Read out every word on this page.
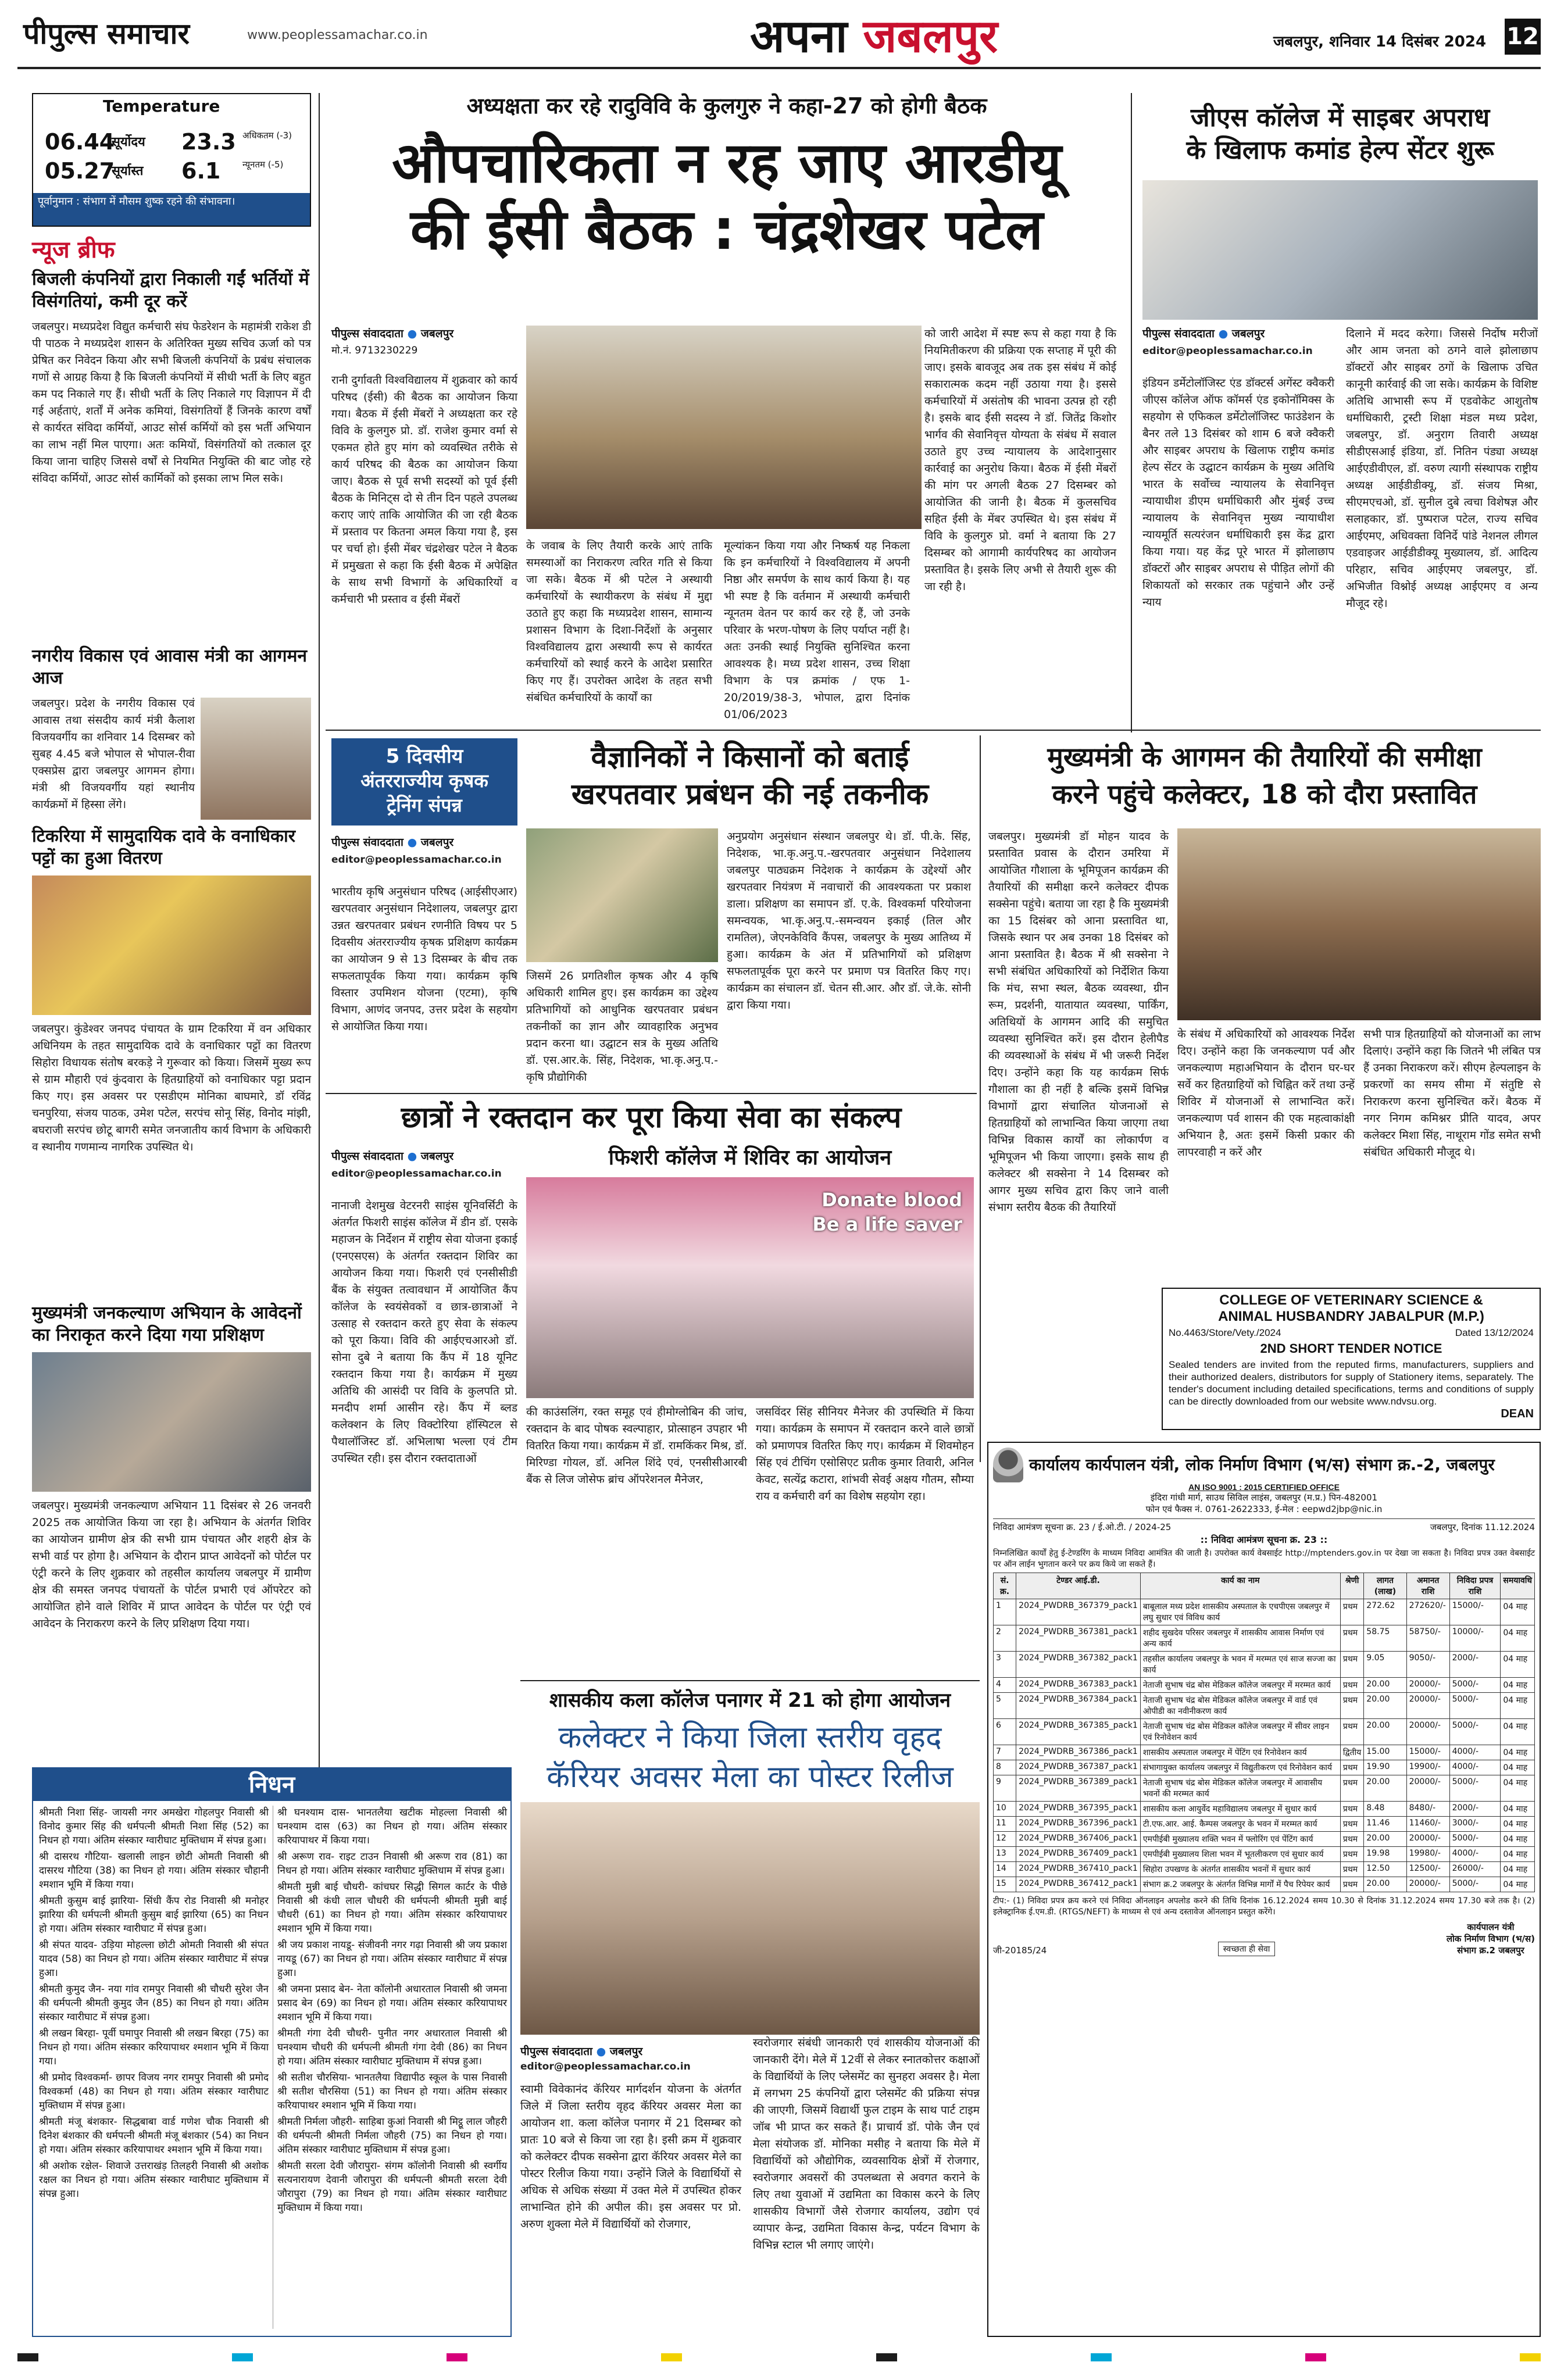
पीपुल्स समाचार	www.peoplessamachar.co.in	अपना जबलपुर	जबलपुर, शनिवार 14 दिसंबर 2024 12
Temperature
06.44
सूर्योदय
05.27
सूर्यास्त
23.3 अधिकतम (-3)
6.1	न्यूनतम (-5)
पूर्वानुमान : संभाग में मौसम शुष्क रहने की संभावना।
न्यूज ब्रीफ
बिजली कंपनियों द्वारा निकाली गईं भर्तियों में विसंगतियां, कमी दूर करें
जबलपुर। मध्यप्रदेश विद्युत कर्मचारी संघ फेडरेशन के महामंत्री राकेश डी पी पाठक ने मध्यप्रदेश शासन के अतिरिक्त मुख्य सचिव ऊर्जा को पत्र प्रेषित कर निवेदन किया और सभी बिजली कंपनियों के प्रबंध संचालक गणों से आग्रह किया है कि बिजली कंपनियों में सीधी भर्ती के लिए बहुत कम पद निकाले गए हैं। सीधी भर्ती के लिए निकाले गए विज्ञापन में दी गई अर्हताएं, शर्तों में अनेक कमियां, विसंगतियों हैं जिनके कारण वर्षों से कार्यरत संविदा कर्मियों, आउट सोर्स कर्मियों को इस भर्ती अभियान का लाभ नहीं मिल पाएगा। अतः कमियों, विसंगतियों को तत्काल दूर किया जाना चाहिए जिससे वर्षों से नियमित नियुक्ति की बाट जोह रहे संविदा कर्मियों, आउट सोर्स कार्मिकों को इसका लाभ मिल सके।
नगरीय विकास एवं आवास मंत्री का आगमन आज
जबलपुर। प्रदेश के नगरीय विकास एवं आवास तथा संसदीय कार्य मंत्री कैलाश विजयवर्गीय का शनिवार 14 दिसम्बर को सुबह 4.45 बजे भोपाल से भोपाल-रीवा एक्सप्रेस द्वारा जबलपुर आगमन होगा। मंत्री श्री विजयवर्गीय यहां स्थानीय कार्यक्रमों में हिस्सा लेंगे।
टिकरिया में सामुदायिक दावे के वनाधिकार पट्टों का हुआ वितरण
जबलपुर। कुंडेश्वर जनपद पंचायत के ग्राम टिकरिया में वन अधिकार अधिनियम के तहत सामुदायिक दावे के वनाधिकार पट्टों का वितरण सिहोरा विधायक संतोष बरकड़े ने गुरूवार को किया। जिसमें मुख्य रूप से ग्राम मौहारी एवं कुंदवारा के हितग्राहियों को वनाधिकार पट्टा प्रदान किए गए। इस अवसर पर एसडीएम मोनिका बाघमारे, डॉ रविंद्र चनपुरिया, संजय पाठक, उमेश पटेल, सरपंच सोनू सिंह, विनोद मांझी, बघराजी सरपंच छोटू बागरी समेत जनजातीय कार्य विभाग के अधिकारी व स्थानीय गणमान्य नागरिक उपस्थित थे।
मुख्यमंत्री जनकल्याण अभियान के आवेदनों का निराकृत करने दिया गया प्रशिक्षण
जबलपुर। मुख्यमंत्री जनकल्याण अभियान 11 दिसंबर से 26 जनवरी 2025 तक आयोजित किया जा रहा है। अभियान के अंतर्गत शिविर का आयोजन ग्रामीण क्षेत्र की सभी ग्राम पंचायत और शहरी क्षेत्र के सभी वार्ड पर होगा है। अभियान के दौरान प्राप्त आवेदनों को पोर्टल पर एंट्री करने के लिए शुक्रवार को तहसील कार्यालय जबलपुर में ग्रामीण क्षेत्र की समस्त जनपद पंचायतों के पोर्टल प्रभारी एवं ऑपरेटर को आयोजित होने वाले शिविर में प्राप्त आवेदन के पोर्टल पर एंट्री एवं आवेदन के निराकरण करने के लिए प्रशिक्षण दिया गया।
अध्यक्षता कर रहे रादुविवि के कुलगुरु ने कहा-27 को होगी बैठक
औपचारिकता न रह जाए आरडीयू
की ईसी बैठक : चंद्रशेखर पटेल
पीपुल्स संवाददाता ● जबलपुर
मो.नं. 9713230229
रानी दुर्गावती विश्वविद्यालय में शुक्रवार को कार्य परिषद (ईसी) की बैठक का आयोजन किया गया। बैठक में ईसी मेंबरों ने अध्यक्षता कर रहे विवि के कुलगुरु प्रो. डॉ. राजेश कुमार वर्मा से एकमत होते हुए मांग को व्यवस्थित तरीके से कार्य परिषद की बैठक का आयोजन किया जाए। बैठक से पूर्व सभी सदस्यों को पूर्व ईसी बैठक के मिनिट्स दो से तीन दिन पहले उपलब्ध कराए जाएं ताकि आयोजित की जा रही बैठक में प्रस्ताव पर कितना अमल किया गया है, इस पर चर्चा हो। ईसी मेंबर चंद्रशेखर पटेल ने बैठक में प्रमुखता से कहा कि ईसी बैठक में अपेक्षित के साथ सभी विभागों के अधिकारियों व कर्मचारी भी प्रस्ताव व ईसी मेंबरों
के जवाब के लिए तैयारी करके आएं ताकि समस्याओं का निराकरण त्वरित गति से किया जा सके। बैठक में श्री पटेल ने अस्थायी कर्मचारियों के स्थायीकरण के संबंध में मुद्दा उठाते हुए कहा कि मध्यप्रदेश शासन, सामान्य प्रशासन विभाग के दिशा-निर्देशों के अनुसार विश्वविद्यालय द्वारा अस्थायी रूप से कार्यरत कर्मचारियों को स्थाई करने के आदेश प्रसारित किए गए हैं। उपरोक्त आदेश के तहत सभी संबंधित कर्मचारियों के कार्यों का
मूल्यांकन किया गया और निष्कर्ष यह निकला कि इन कर्मचारियों ने विश्वविद्यालय में अपनी निष्ठा और समर्पण के साथ कार्य किया है। यह भी स्पष्ट है कि वर्तमान में अस्थायी कर्मचारी न्यूनतम वेतन पर कार्य कर रहे हैं, जो उनके परिवार के भरण-पोषण के लिए पर्याप्त नहीं है। अतः उनकी स्थाई नियुक्ति सुनिश्चित करना आवश्यक है। मध्य प्रदेश शासन, उच्च शिक्षा विभाग के पत्र क्रमांक / एफ 1-20/2019/38-3, भोपाल, द्वारा दिनांक 01/06/2023
को जारी आदेश में स्पष्ट रूप से कहा गया है कि नियमितीकरण की प्रक्रिया एक सप्ताह में पूरी की जाए। इसके बावजूद अब तक इस संबंध में कोई सकारात्मक कदम नहीं उठाया गया है। इससे कर्मचारियों में असंतोष की भावना उत्पन्न हो रही है। इसके बाद ईसी सदस्य ने डॉ. जितेंद्र किशोर भार्गव की सेवानिवृत्त योग्यता के संबंध में सवाल उठाते हुए उच्च न्यायालय के आदेशानुसार कार्रवाई का अनुरोध किया। बैठक में ईसी मेंबरों की मांग पर अगली बैठक 27 दिसम्बर को आयोजित की जानी है। बैठक में कुलसचिव सहित ईसी के मेंबर उपस्थित थे। इस संबंध में विवि के कुलगुरु प्रो. वर्मा ने बताया कि 27 दिसम्बर को आगामी कार्यपरिषद का आयोजन प्रस्तावित है। इसके लिए अभी से तैयारी शुरू की जा रही है।
जीएस कॉलेज में साइबर अपराध
के खिलाफ कमांड हेल्प सेंटर शुरू
पीपुल्स संवाददाता ● जबलपुर
editor@peoplessamachar.co.in
इंडियन डर्मेटोलॉजिस्ट एंड डॉक्टर्स अगेंस्ट क्वैकरी जीएस कॉलेज ऑफ कॉमर्स एंड इकोनॉमिक्स के सहयोग से एफिकल डर्मेटोलॉजिस्ट फाउंडेशन के बैनर तले 13 दिसंबर को शाम 6 बजे क्वैकरी और साइबर अपराध के खिलाफ राष्ट्रीय कमांड हेल्प सेंटर के उद्घाटन कार्यक्रम के मुख्य अतिथि भारत के सर्वोच्च न्यायालय के सेवानिवृत्त न्यायाधीश डीएम धर्माधिकारी और मुंबई उच्च न्यायालय के सेवानिवृत्त मुख्य न्यायाधीश न्यायमूर्ति सत्यरंजन धर्माधिकारी इस केंद्र द्वारा किया गया। यह केंद्र पूरे भारत में झोलाछाप डॉक्टरों और साइबर अपराध से पीड़ित लोगों की शिकायतों को सरकार तक पहुंचाने और उन्हें न्याय
दिलाने में मदद करेगा। जिससे निर्दोष मरीजों और आम जनता को ठगने वाले झोलाछाप डॉक्टरों और साइबर ठगों के खिलाफ उचित कानूनी कार्रवाई की जा सके। कार्यक्रम के विशिष्ट अतिथि आभासी रूप में एडवोकेट आशुतोष धर्माधिकारी, ट्रस्टी शिक्षा मंडल मध्य प्रदेश, जबलपुर, डॉ. अनुराग तिवारी अध्यक्ष सीडीएसआई इंडिया, डॉ. नितिन पंड्या अध्यक्ष आईएडीवीएल, डॉ. वरुण त्यागी संस्थापक राष्ट्रीय अध्यक्ष आईडीडीक्यू, डॉ. संजय मिश्रा, सीएमएचओ, डॉ. सुनील दुबे त्वचा विशेषज्ञ और सलाहकार, डॉ. पुष्पराज पटेल, राज्य सचिव आईएमए, अधिवक्ता विनिर्दे पांडे नेशनल लीगल एडवाइजर आईडीडीक्यू मुख्यालय, डॉ. आदित्य परिहार, सचिव आईएमए जबलपुर, डॉ. अभिजीत विश्नोई अध्यक्ष आईएमए व अन्य मौजूद रहे।
5 दिवसीय
अंतरराज्यीय कृषक
ट्रेनिंग संपन्न
वैज्ञानिकों ने किसानों को बताई
खरपतवार प्रबंधन की नई तकनीक
पीपुल्स संवाददाता ● जबलपुर
editor@peoplessamachar.co.in
भारतीय कृषि अनुसंधान परिषद (आईसीएआर) खरपतवार अनुसंधान निदेशालय, जबलपुर द्वारा उन्नत खरपतवार प्रबंधन रणनीति विषय पर 5 दिवसीय अंतरराज्यीय कृषक प्रशिक्षण कार्यक्रम का आयोजन 9 से 13 दिसम्बर के बीच तक सफलतापूर्वक किया गया। कार्यक्रम कृषि विस्तार उपमिशन योजना (एटमा), कृषि विभाग, आणंद जनपद, उत्तर प्रदेश के सहयोग से आयोजित किया गया।
जिसमें 26 प्रगतिशील कृषक और 4 कृषि अधिकारी शामिल हुए। इस कार्यक्रम का उद्देश्य प्रतिभागियों को आधुनिक खरपतवार प्रबंधन तकनीकों का ज्ञान और व्यावहारिक अनुभव प्रदान करना था। उद्घाटन सत्र के मुख्य अतिथि डॉ. एस.आर.के. सिंह, निदेशक, भा.कृ.अनु.प.-कृषि प्रौद्योगिकी
अनुप्रयोग अनुसंधान संस्थान जबलपुर थे। डॉ. पी.के. सिंह, निदेशक, भा.कृ.अनु.प.-खरपतवार अनुसंधान निदेशालय जबलपुर पाठ्यक्रम निदेशक ने कार्यक्रम के उद्देश्यों और खरपतवार नियंत्रण में नवाचारों की आवश्यकता पर प्रकाश डाला। प्रशिक्षण का समापन डॉ. ए.के. विश्वकर्मा परियोजना समन्वयक, भा.कृ.अनु.प.-समन्वयन इकाई (तिल और रामतिल), जेएनकेविवि कैंपस, जबलपुर के मुख्य आतिथ्य में हुआ। कार्यक्रम के अंत में प्रतिभागियों को प्रशिक्षण सफलतापूर्वक पूरा करने पर प्रमाण पत्र वितरित किए गए। कार्यक्रम का संचालन डॉ. चेतन सी.आर. और डॉ. जे.के. सोनी द्वारा किया गया।
मुख्यमंत्री के आगमन की तैयारियों की समीक्षा
करने पहुंचे कलेक्टर, 18 को दौरा प्रस्तावित
जबलपुर। मुख्यमंत्री डॉ मोहन यादव के प्रस्तावित प्रवास के दौरान उमरिया में आयोजित गौशाला के भूमिपूजन कार्यक्रम की तैयारियों की समीक्षा करने कलेक्टर दीपक सक्सेना पहुंचे। बताया जा रहा है कि मुख्यमंत्री का 15 दिसंबर को आना प्रस्तावित था, जिसके स्थान पर अब उनका 18 दिसंबर को आना प्रस्तावित है। बैठक में श्री सक्सेना ने सभी संबंधित अधिकारियों को निर्देशित किया कि मंच, सभा स्थल, बैठक व्यवस्था, ग्रीन रूम, प्रदर्शनी, यातायात व्यवस्था, पार्किंग, अतिथियों के आगमन आदि की समुचित व्यवस्था सुनिश्चित करें। इस दौरान हेलीपैड की व्यवस्थाओं के संबंध में भी जरूरी निर्देश दिए। उन्होंने कहा कि यह कार्यक्रम सिर्फ गौशाला का ही नहीं है बल्कि इसमें विभिन्न विभागों द्वारा संचालित योजनाओं से हितग्राहियों को लाभान्वित किया जाएगा तथा विभिन्न विकास कार्यों का लोकार्पण व भूमिपूजन भी किया जाएगा। इसके साथ ही कलेक्टर श्री सक्सेना ने 14 दिसम्बर को आगर मुख्य सचिव द्वारा किए जाने वाली संभाग स्तरीय बैठक की तैयारियों
के संबंध में अधिकारियों को आवश्यक निर्देश दिए। उन्होंने कहा कि जनकल्याण पर्व और जनकल्याण महाअभियान के दौरान घर-घर सर्वे कर हितग्राहियों को चिह्नित करें तथा उन्हें शिविर में योजनाओं से लाभान्वित करें। जनकल्याण पर्व शासन की एक महत्वाकांक्षी अभियान है, अतः इसमें किसी प्रकार की लापरवाही न करें और
सभी पात्र हितग्राहियों को योजनाओं का लाभ दिलाएं। उन्होंने कहा कि जितने भी लंबित पत्र हैं उनका निराकरण करें। सीएम हेल्पलाइन के प्रकरणों का समय सीमा में संतुष्टि से निराकरण करना सुनिश्चित करें। बैठक में नगर निगम कमिश्नर प्रीति यादव, अपर कलेक्टर मिशा सिंह, नाथूराम गोंड समेत सभी संबंधित अधिकारी मौजूद थे।
छात्रों ने रक्तदान कर पूरा किया सेवा का संकल्प
फिशरी कॉलेज में शिविर का आयोजन
पीपुल्स संवाददाता ● जबलपुर
editor@peoplessamachar.co.in
नानाजी देशमुख वेटरनरी साइंस यूनिवर्सिटी के अंतर्गत फिशरी साइंस कॉलेज में डीन डॉ. एसके महाजन के निर्देशन में राष्ट्रीय सेवा योजना इकाई (एनएसएस) के अंतर्गत रक्तदान शिविर का आयोजन किया गया। फिशरी एवं एनसीसीडी बैंक के संयुक्त तत्वावधान में आयोजित कैंप कॉलेज के स्वयंसेवकों व छात्र-छात्राओं ने उत्साह से रक्तदान करते हुए सेवा के संकल्प को पूरा किया। विवि की आईएचआरओ डॉ. सोना दुबे ने बताया कि कैंप में 18 यूनिट रक्तदान किया गया है। कार्यक्रम में मुख्य अतिथि की आसंदी पर विवि के कुलपति प्रो. मनदीप शर्मा आसीन रहे। कैंप में ब्लड कलेक्शन के लिए विक्टोरिया हॉस्पिटल से पैथालॉजिस्ट डॉ. अभिलाषा भल्ला एवं टीम उपस्थित रही। इस दौरान रक्तदाताओं
Donate blood
Be a life saver
की काउंसलिंग, रक्त समूह एवं हीमोग्लोबिन की जांच, रक्तदान के बाद पोषक स्वल्पाहार, प्रोत्साहन उपहार भी वितरित किया गया। कार्यक्रम में डॉ. रामकिंकर मिश्र, डॉ. मिरिण्डा गोयल, डॉ. अनिल शिंदे एवं, एनसीसीआरबी बैंक से लिज जोसेफ ब्रांच ऑपरेशनल मैनेजर,
जसविंदर सिंह सीनियर मैनेजर की उपस्थिति में किया गया। कार्यक्रम के समापन में रक्तदान करने वाले छात्रों को प्रमाणपत्र वितरित किए गए। कार्यक्रम में शिवमोहन सिंह एवं टीचिंग एसोसिएट प्रतीक कुमार तिवारी, अनिल केवट, सत्येंद्र कटारा, शांभवी सेवई अक्षय गौतम, सौम्या राय व कर्मचारी वर्ग का विशेष सहयोग रहा।
COLLEGE OF VETERINARY SCIENCE &
ANIMAL HUSBANDRY JABALPUR (M.P.)
No.4463/Store/Vety./2024	Dated 13/12/2024
2ND SHORT TENDER NOTICE
Sealed tenders are invited from the reputed firms, manufacturers, suppliers and their authorized dealers, distributors for supply of Stationery items, separately. The tender's document including detailed specifications, terms and conditions of supply can be directly downloaded from our website www.ndvsu.org.
DEAN
कार्यालय कार्यपालन यंत्री, लोक निर्माण विभाग (भ/स) संभाग क्र.-2, जबलपुर
AN ISO 9001 : 2015 CERTIFIED OFFICE
इंदिरा गांधी मार्ग, साउथ सिविल लाइंस, जबलपुर (म.प्र.) पिन-482001
फोन एवं फैक्स नं. 0761-2622333, ई-मेल : eepwd2jbp@nic.in
निविदा आमंत्रण सूचना क्र. 23 / ई.ओ.टी. / 2024-25	जबलपुर, दिनांक 11.12.2024
:: निविदा आमंत्रण सूचना क्र. 23 ::
निम्नलिखित कार्यों हेतु ई-टेण्डरिंग के माध्यम निविदा आमंत्रित की जाती है। उपरोक्त कार्य वेबसाईट http://mptenders.gov.in पर देखा जा सकता है। निविदा प्रपत्र उक्त वेबसाईट पर ऑन लाईन भुगतान करने पर क्रय किये जा सकते हैं।
सं. क्र.	टेण्डर आई.डी.	कार्य का नाम	श्रेणी	लागत (लाख)	अमानत राशि	निविदा प्रपत्र राशि	समयावधि
1	2024_PWDRB_367379_pack1	बाबूलाल मध्य प्रदेश शासकीय अस्पताल के एचपीएस जबलपुर में लघु सुधार एवं विविध कार्य	प्रथम	272.62	272620/-	15000/-	04 माह
2	2024_PWDRB_367381_pack1	शहीद सुखदेव परिसर जबलपुर में शासकीय आवास निर्माण एवं अन्य कार्य	प्रथम	58.75	58750/-	10000/-	04 माह
3	2024_PWDRB_367382_pack1	तहसील कार्यालय जबलपुर के भवन में मरम्मत एवं साज सज्जा का कार्य	प्रथम	9.05	9050/-	2000/-	04 माह
4	2024_PWDRB_367383_pack1	नेताजी सुभाष चंद्र बोस मेडिकल कॉलेज जबलपुर में मरम्मत कार्य	प्रथम	20.00	20000/-	5000/-	04 माह
5	2024_PWDRB_367384_pack1	नेताजी सुभाष चंद्र बोस मेडिकल कॉलेज जबलपुर में वार्ड एवं ओपीडी का नवीनीकरण कार्य	प्रथम	20.00	20000/-	5000/-	04 माह
6	2024_PWDRB_367385_pack1	नेताजी सुभाष चंद्र बोस मेडिकल कॉलेज जबलपुर में सीवर लाइन एवं रिनोवेशन कार्य	प्रथम	20.00	20000/-	5000/-	04 माह
7	2024_PWDRB_367386_pack1	शासकीय अस्पताल जबलपुर में पेंटिंग एवं रिनोवेशन कार्य	द्वितीय	15.00	15000/-	4000/-	04 माह
8	2024_PWDRB_367387_pack1	संभागायुक्त कार्यालय जबलपुर में विद्युतीकरण एवं रिनोवेशन कार्य	प्रथम	19.90	19900/-	4000/-	04 माह
9	2024_PWDRB_367389_pack1	नेताजी सुभाष चंद्र बोस मेडिकल कॉलेज जबलपुर में आवासीय भवनों की मरम्मत कार्य	प्रथम	20.00	20000/-	5000/-	04 माह
10	2024_PWDRB_367395_pack1	शासकीय कला आयुर्वेद महाविद्यालय जबलपुर में सुधार कार्य	प्रथम	8.48	8480/-	2000/-	04 माह
11	2024_PWDRB_367396_pack1	टी.एफ.आर. आई. कैम्पस जबलपुर के भवन में मरम्मत कार्य	प्रथम	11.46	11460/-	3000/-	04 माह
12	2024_PWDRB_367406_pack1	एमपीईबी मुख्यालय शक्ति भवन में फ्लोरिंग एवं पेंटिंग कार्य	प्रथम	20.00	20000/-	5000/-	04 माह
13	2024_PWDRB_367409_pack1	एमपीईबी मुख्यालय शिला भवन में भूतलीकरण एवं सुधार कार्य	प्रथम	19.98	19980/-	4000/-	04 माह
14	2024_PWDRB_367410_pack1	सिहोरा उपखण्ड के अंतर्गत शासकीय भवनों में सुधार कार्य	प्रथम	12.50	12500/-	26000/-	04 माह
15	2024_PWDRB_367412_pack1	संभाग क्र.2 जबलपुर के अंतर्गत विभिन्न मार्गों में पैच रिपेयर कार्य	प्रथम	20.00	20000/-	5000/-	04 माह
टीप:- (1) निविदा प्रपत्र क्रय करने एवं निविदा ऑनलाइन अपलोड करने की तिथि दिनांक 16.12.2024 समय 10.30 से दिनांक 31.12.2024 समय 17.30 बजे तक है। (2) इलेक्ट्रानिक ई.एम.डी. (RTGS/NEFT) के माध्यम से एवं अन्य दस्तावेज ऑनलाइन प्रस्तुत करेंगे।
जी-20185/24	स्वच्छता ही सेवा
कार्यपालन यंत्री
लोक निर्माण विभाग (भ/स)
संभाग क्र.2 जबलपुर
निधन
श्रीमती निशा सिंह- जायसी नगर अमखेरा गोहलपुर निवासी श्री विनोद कुमार सिंह की धर्मपत्नी श्रीमती निशा सिंह (52) का निधन हो गया। अंतिम संस्कार ग्वारीघाट मुक्तिधाम में संपन्न हुआ।
श्री दासरथ गौटिया- खलासी लाइन छोटी ओमती निवासी श्री दासरथ गौटिया (38) का निधन हो गया। अंतिम संस्कार चौहानी श्मशान भूमि में किया गया।
श्रीमती कुसुम बाई झारिया- सिंधी कैंप रोड निवासी श्री मनोहर झारिया की धर्मपत्नी श्रीमती कुसुम बाई झारिया (65) का निधन हो गया। अंतिम संस्कार ग्वारीघाट में संपन्न हुआ।
श्री संपत यादव- उड़िया मोहल्ला छोटी ओमती निवासी श्री संपत यादव (58) का निधन हो गया। अंतिम संस्कार ग्वारीघाट में संपन्न हुआ।
श्रीमती कुमुद जैन- नया गांव रामपुर निवासी श्री चौधरी सुरेश जैन की धर्मपत्नी श्रीमती कुमुद जैन (85) का निधन हो गया। अंतिम संस्कार ग्वारीघाट में संपन्न हुआ।
श्री लखन बिरहा- पूर्वी घमापुर निवासी श्री लखन बिरहा (75) का निधन हो गया। अंतिम संस्कार करियापाथर श्मशान भूमि में किया गया।
श्री प्रमोद विश्वकर्मा- छापर विजय नगर रामपुर निवासी श्री प्रमोद विश्वकर्मा (48) का निधन हो गया। अंतिम संस्कार ग्वारीघाट मुक्तिधाम में संपन्न हुआ।
श्रीमती मंजू बंशकार- सिद्धबाबा वार्ड गणेश चौक निवासी श्री दिनेश बंशकार की धर्मपत्नी श्रीमती मंजू बंशकार (54) का निधन हो गया। अंतिम संस्कार करियापाथर श्मशान भूमि में किया गया।
श्री अशोक रक्षेल- शिवाजे उत्तराखंड़ तिलहरी निवासी श्री अशोक रक्षल का निधन हो गया। अंतिम संस्कार ग्वारीघाट मुक्तिधाम में संपन्न हुआ।
श्री घनश्याम दास- भानतलैया खटीक मोहल्ला निवासी श्री घनश्याम दास (63) का निधन हो गया। अंतिम संस्कार करियापाथर में किया गया।
श्री अरूण राव- राइट टाउन निवासी श्री अरूण राव (81) का निधन हो गया। अंतिम संस्कार ग्वारीघाट मुक्तिधाम में संपन्न हुआ।
श्रीमती मुन्नी बाई चौधरी- कांचघर सिद्धी सिगल कार्टर के पीछे निवासी श्री कंधी लाल चौधरी की धर्मपत्नी श्रीमती मुन्नी बाई चौधरी (61) का निधन हो गया। अंतिम संस्कार करियापाथर श्मशान भूमि में किया गया।
श्री जय प्रकाश नायडू- संजीवनी नगर गढ़ा निवासी श्री जय प्रकाश नायडू (67) का निधन हो गया। अंतिम संस्कार ग्वारीघाट में संपन्न हुआ।
श्री जमना प्रसाद बेन- नेता कॉलोनी अधारताल निवासी श्री जमना प्रसाद बेन (69) का निधन हो गया। अंतिम संस्कार करियापाथर श्मशान भूमि में किया गया।
श्रीमती गंगा देवी चौधरी- पुनीत नगर अधारताल निवासी श्री घनश्याम चौधरी की धर्मपत्नी श्रीमती गंगा देवी (86) का निधन हो गया। अंतिम संस्कार ग्वारीघाट मुक्तिधाम में संपन्न हुआ।
श्री सतीश चौरसिया- भानतलैया विद्यापीठ स्कूल के पास निवासी श्री सतीश चौरसिया (51) का निधन हो गया। अंतिम संस्कार करियापाथर श्मशान भूमि में किया गया।
श्रीमती निर्मला जौहरी- साहिबा कुआं निवासी श्री मिट्ठू लाल जौहरी की धर्मपत्नी श्रीमती निर्मला जौहरी (75) का निधन हो गया। अंतिम संस्कार ग्वारीघाट मुक्तिधाम में संपन्न हुआ।
श्रीमती सरला देवी जौरापुरा- संगम कॉलोनी निवासी श्री स्वर्गीय सत्यनारायण देवानी जौरापुरा की धर्मपत्नी श्रीमती सरला देवी जौरापुरा (79) का निधन हो गया। अंतिम संस्कार ग्वारीघाट मुक्तिधाम में किया गया।
शासकीय कला कॉलेज पनागर में 21 को होगा आयोजन
कलेक्टर ने किया जिला स्तरीय वृहद
कॅरियर अवसर मेला का पोस्टर रिलीज
पीपुल्स संवाददाता ● जबलपुर
editor@peoplessamachar.co.in
स्वामी विवेकानंद कॅरियर मार्गदर्शन योजना के अंतर्गत जिले में जिला स्तरीय वृहद कॅरियर अवसर मेला का आयोजन शा. कला कॉलेज पनागर में 21 दिसम्बर को प्रातः 10 बजे से किया जा रहा है। इसी क्रम में शुक्रवार को कलेक्टर दीपक सक्सेना द्वारा कॅरियर अवसर मेले का पोस्टर रिलीज किया गया। उन्होंने जिले के विद्यार्थियों से अधिक से अधिक संख्या में उक्त मेले में उपस्थित होकर लाभान्वित होने की अपील की। इस अवसर पर प्रो. अरुण शुक्ला मेले में विद्यार्थियों को रोजगार,
स्वरोजगार संबंधी जानकारी एवं शासकीय योजनाओं की जानकारी देंगे। मेले में 12वीं से लेकर स्नातकोत्तर कक्षाओं के विद्यार्थियों के लिए प्लेसमेंट का सुनहरा अवसर है। मेला में लगभग 25 कंपनियों द्वारा प्लेसमेंट की प्रक्रिया संपन्न की जाएगी, जिसमें विद्यार्थी फुल टाइम के साथ पार्ट टाइम जॉब भी प्राप्त कर सकते हैं। प्राचार्य डॉ. पोके जैन एवं मेला संयोजक डॉ. मोनिका मसीह ने बताया कि मेले में विद्यार्थियों को औद्योगिक, व्यवसायिक क्षेत्रों में रोजगार, स्वरोजगार अवसरों की उपलब्धता से अवगत कराने के लिए तथा युवाओं में उद्यमिता का विकास करने के लिए शासकीय विभागों जैसे रोजगार कार्यालय, उद्योग एवं व्यापार केन्द्र, उद्यमिता विकास केन्द्र, पर्यटन विभाग के विभिन्न स्टाल भी लगाए जाएंगे।
